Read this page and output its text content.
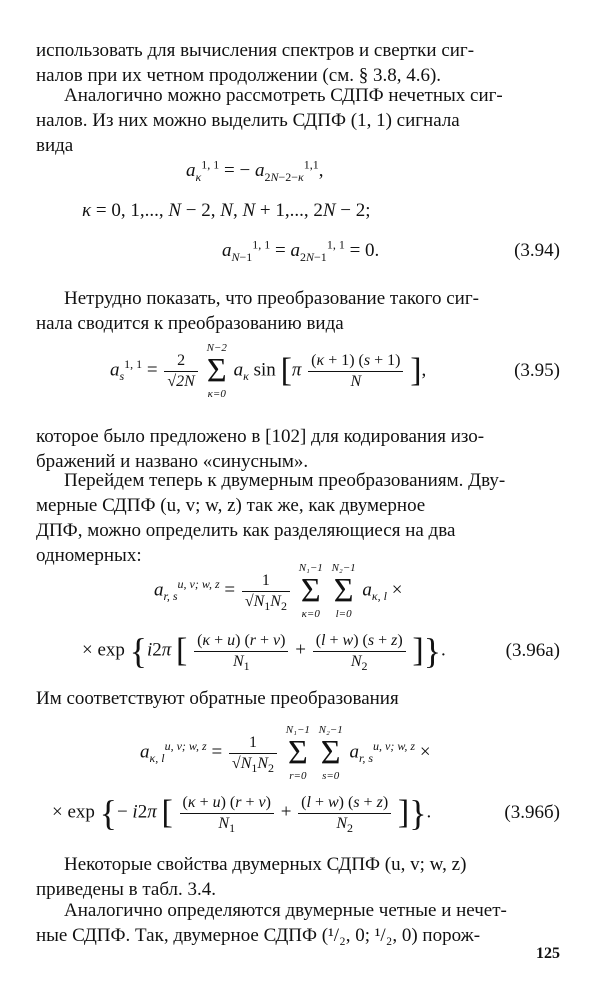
использовать для вычисления спектров и свертки сиг-
налов при их четном продолжении (см. § 3.8, 4.6).
Аналогично можно рассмотреть СДПФ нечетных сиг-
налов. Из них можно выделить СДПФ (1, 1) сигнала
вида
$a_\kappa^{1, 1}$ = − $a_{2N-2-\kappa}^{1,1}$,
κ = 0, 1,..., N − 2, N, N + 1,..., 2N − 2;
$a_{N-1}^{1, 1} = a_{2N-1}^{1, 1} = 0$.	(3.94)
Нетрудно показать, что преобразование такого сиг-
нала сводится к преобразованию вида
$a_s^{1, 1} = \frac{2}{√2N}$

N−2
Σ
κ=0
$a_\kappa$ $\sin [\pi \frac{(\kappa + 1) (s + 1)}{N}$ ],	(3.95)
которое было предложено в [102] для кодирования изо-
бражений и названо «синусным».
Перейдем теперь к двумерным преобразованиям. Дву-
мерные СДПФ (u, v; w, z) так же, как двумерное
ДПФ, можно определить как разделяющиеся на два
одномерных:
$a_{r, s}^{u, v; w, z} = \frac{1}{√N_1N_2}$

N₁−1
Σ
κ=0

N₂−1
Σ
l=0
$a_{\kappa, l}$ ×
× exp {i2π [ $\frac{(\kappa + u) (r + v)}{N_1} + \frac{(l + w) (s + z)}{N_2}$ ]}.	(3.96а)
Им соответствуют обратные преобразования
$a_{\kappa, l}^{u, v; w, z} = \frac{1}{√N_1N_2}$

N₁−1
Σ
r=0

N₂−1
Σ
s=0
$a_{r, s}^{u, v; w, z}$ ×
× exp {− i2π [ $\frac{(\kappa + u) (r + v)}{N_1} + \frac{(l + w) (s + z)}{N_2}$ ]}.	(3.96б)
Некоторые свойства двумерных СДПФ (u, v; w, z)
приведены в табл. 3.4.
Аналогично определяются двумерные четные и нечет-
ные СДПФ. Так, двумерное СДПФ (¹/₂, 0; ¹/₂, 0) порож-
125
